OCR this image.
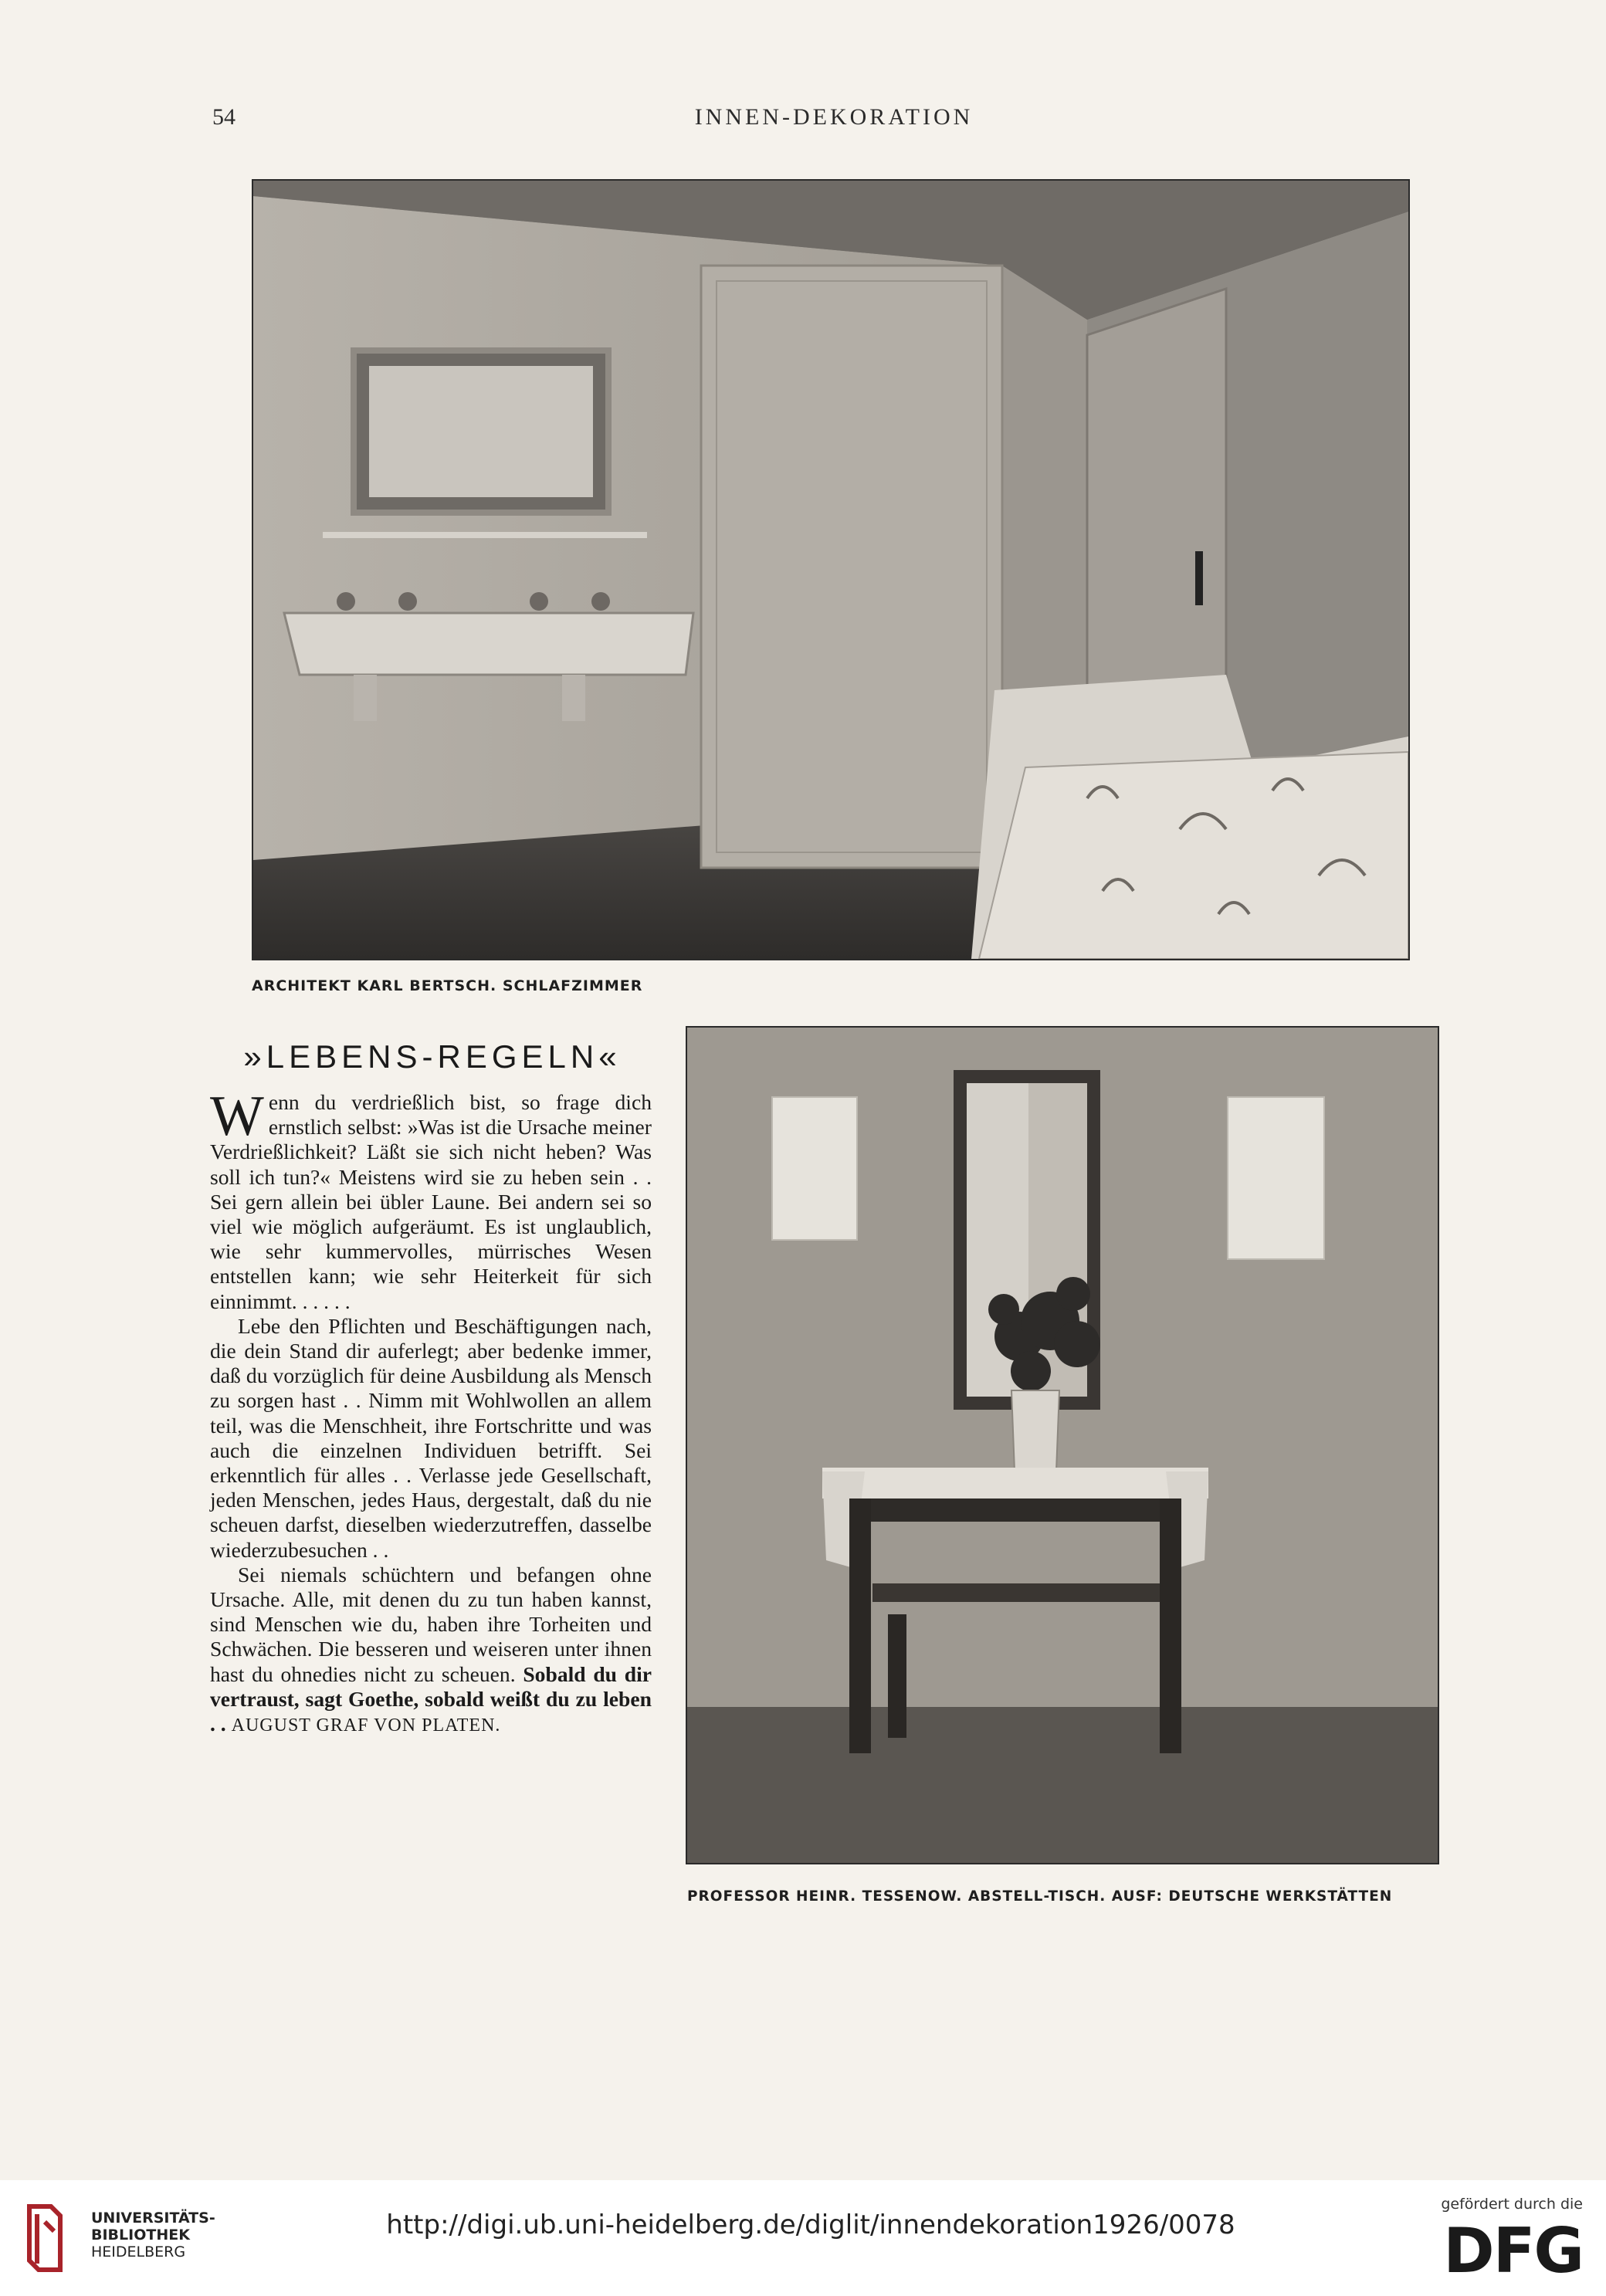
54	INNEN-DEKORATION
ARCHITEKT KARL BERTSCH. SCHLAFZIMMER
»LEBENS-REGELN«

Wenn du verdrießlich bist, so frage dich ernstlich selbst: »Was ist die Ursache meiner Verdrießlichkeit? Läßt sie sich nicht heben? Was soll ich tun?« Meistens wird sie zu heben sein . . Sei gern allein bei übler Laune. Bei andern sei so viel wie möglich aufgeräumt. Es ist unglaublich, wie sehr kummervolles, mürrisches Wesen entstellen kann; wie sehr Heiterkeit für sich einnimmt. . . . . .

Lebe den Pflichten und Beschäftigungen nach, die dein Stand dir auferlegt; aber bedenke immer, daß du vorzüglich für deine Ausbildung als Mensch zu sorgen hast . . Nimm mit Wohlwollen an allem teil, was die Menschheit, ihre Fortschritte und was auch die einzelnen Individuen betrifft. Sei erkenntlich für alles . . Verlasse jede Gesellschaft, jeden Menschen, jedes Haus, dergestalt, daß du nie scheuen darfst, dieselben wiederzutreffen, dasselbe wiederzubesuchen . .

Sei niemals schüchtern und befangen ohne Ursache. Alle, mit denen du zu tun haben kannst, sind Menschen wie du, haben ihre Torheiten und Schwächen. Die besseren und weiseren unter ihnen hast du ohnedies nicht zu scheuen. Sobald du dir vertraust, sagt Goethe, sobald weißt du zu leben . . AUGUST GRAF VON PLATEN.

PROFESSOR HEINR. TESSENOW. ABSTELL-TISCH. AUSF: DEUTSCHE WERKSTÄTTEN
UNIVERSITÄTS-
BIBLIOTHEK
HEIDELBERG
http://digi.ub.uni-heidelberg.de/diglit/innendekoration1926/0078
gefördert durch die
DFG
